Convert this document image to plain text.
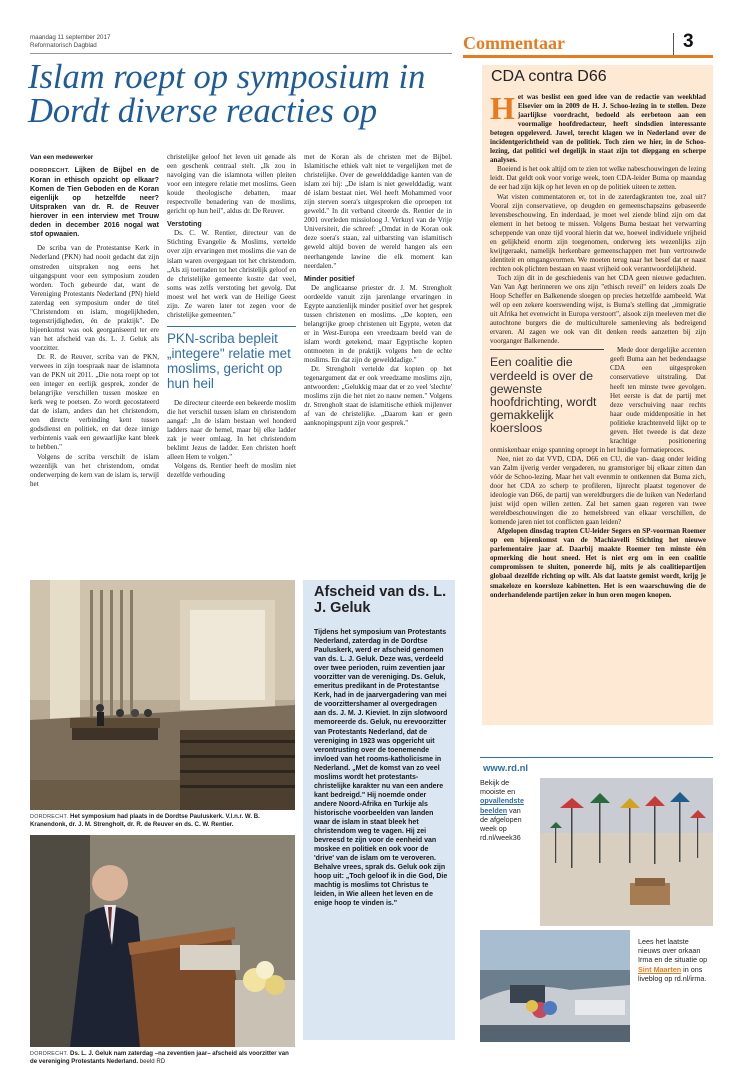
maandag 11 september 2017
Reformatorisch Dagblad	Commentaar	3
Islam roept op symposium in Dordt diverse reacties op

Van een medewerker

DORDRECHT. Lijken de Bijbel en de Koran in ethisch opzicht op elkaar? Komen de Tien Geboden en de Koran eigenlijk op hetzelfde neer? Uitspraken van dr. R. de Reuver hierover in een interview met Trouw deden in december 2016 nogal wat stof opwaaien.

De scriba van de Protestantse Kerk in Nederland (PKN) had nooit gedacht dat zijn omstreden uitspraken nog eens het uitgangspunt voor een symposium zouden worden. Toch gebeurde dat, want de Vereniging Protestants Nederland (PN) hield zaterdag een symposium onder de titel "Christendom en islam, mogelijkheden, tegenstrijdigheden, én de praktijk". De bijeenkomst was ook georganiseerd ter ere van het afscheid van ds. L. J. Geluk als voorzitter.

Dr. R. de Reuver, scriba van de PKN, verwees in zijn toespraak naar de islamnota van de PKN uit 2011. „Die nota roept op tot een integer en eerlijk gesprek, zonder de belangrijke verschillen tussen moskee en kerk weg te poetsen. Zo wordt gecostateerd dat de islam, anders dan het christendom, een directe verbinding kent tussen godsdienst en politiek, en dat deze innige verbintenis vaak een gewaarlijke kant bleek te hebben."

Volgens de scriba verschilt de islam wezenlijk van het christendom, omdat onderwerping de kern van de islam is, terwijl het

christelijke geloof het leven uit genade als een geschenk centraal stelt. „Ik zou in navolging van die islamnota willen pleiten voor een integere relatie met moslims. Geen koude theologische debatten, maar respectvolle benadering van de moslims, gericht op hun heil", aldus dr. De Reuver.

Verstoting

Ds. C. W. Rentier, directeur van de Stichting Evangelie & Moslims, vertelde over zijn ervaringen met moslims die van de islam waren overgegaan tot het christendom. „Als zij toetraden tot het christelijk geloof en de christelijke gemeente kostte dat veel, soms was zelfs verstoting het gevolg. Dat moest wel het werk van de Heilige Geest zijn. Ze waren later tot zegen voor de christelijke gemeenten."

PKN-scriba bepleit „integere" relatie met moslims, gericht op hun heil

De directeur citeerde een bekeerde moslim die het verschil tussen islam en christendom aangaf: „In de islam bestaan wel honderd ladders naar de hemel, maar bij elke ladder zak je weer omlaag. In het christendom beklimt Jezus de ladder. Een christen hoeft alleen Hem te volgen."

Volgens ds. Rentier heeft de moslim niet dezelfde verhouding

met de Koran als de christen met de Bijbel. Islamitische ethiek valt niet te vergelijken met de christelijke. Over de geweldddadige kanten van de islam zei hij: „De islam is niet gewelddadig, want dé islam bestaat niet. Wel heeft Mohammed voor zijn sterven soera's uitgesproken die oproepen tot geweld." In dit verband citeerde ds. Rentier de in 2001 overleden missioloog J. Verkuyl van de Vrije Universiteit, die schreef: „Omdat in de Koran ook deze soera's staan, zal uitbarsting van islamitisch geweld altijd boven de wereld hangen als een neerhangende lawine die elk moment kan neerdalen."

Minder positief

De anglicaanse priester dr. J. M. Strengholt oordeelde vanuit zijn jarenlange ervaringen in Egypte aanzienlijk minder positief over het gesprek tussen christenen en moslims. „De kopten, een belangrijke groep christenen uit Egypte, weten dat er in West-Europa een vreedzaam beeld van de islam wordt getekend, maar Egyptische kopten ontmoeten in de praktijk volgens hen de echte moslims. En dat zijn de gewelddadige."

Dr. Strengholt vertelde dat kopten op het tegenargument dat er ook vreedzame moslims zijn, antwoorden: „Gelukkig maar dat er zo veel 'slechte' moslims zijn die het niet zo nauw nemen." Volgens dr. Strengholt staat de islamitische ethiek mijlenver af van de christelijke. „Daarom kan er geen aanknopingspunt zijn voor gesprek."

DORDRECHT. Het symposium had plaats in de Dordtse Pauluskerk. V.l.n.r. W. B. Kranendonk, dr. J. M. Strengholt, dr. R. de Reuver en ds. C. W. Rentier.
DORDRECHT. Ds. L. J. Geluk nam zaterdag –na zeventien jaar– afscheid als voorzitter van de vereniging Protestants Nederland. beeld RD
Afscheid van ds. L. J. Geluk
Tijdens het symposium van Protestants Nederland, zaterdag in de Dordtse Pauluskerk, werd er afscheid genomen van ds. L. J. Geluk. Deze was, verdeeld over twee perioden, ruim zeventien jaar voorzitter van de vereniging. Ds. Geluk, emeritus predikant in de Protestantse Kerk, had in de jaarvergadering van mei de voorzittershamer al overgedragen aan ds. J. M. J. Kieviet. In zijn slotwoord memoreerde ds. Geluk, nu erevoorzitter van Protestants Nederland, dat de vereniging in 1923 was opgericht uit verontrusting over de toenemende invloed van het rooms-katholicisme in Nederland. „Met de komst van zo veel moslims wordt het protestants-christelijke karakter nu van een andere kant bedreigd." Hij noemde onder andere Noord-Afrika en Turkije als historische voorbeelden van landen waar de islam in staat bleek het christendom weg te vagen. Hij zei bevreesd te zijn voor de eenheid van moskee en politiek en ook voor de 'drive' van de islam om te veroveren. Behalve vrees, sprak ds. Geluk ook zijn hoop uit: „Toch geloof ik in die God, Die machtig is moslims tot Christus te leiden, in Wie alleen het leven en de enige hoop te vinden is."
CDA contra D66

Het was beslist een goed idee van de redactie van weekblad Elsevier om in 2009 de H. J. Schoo-lezing in te stellen. Deze jaarlijkse voordracht, bedoeld als eerbetoon aan een voormalige hoofdredacteur, heeft sindsdien interessante betogen opgeleverd. Jawel, terecht klagen we in Nederland over de incidentgerichtheid van de politiek. Toch zien we hier, in de Schoo-lezing, dat politici wel degelijk in staat zijn tot diepgang en scherpe analyses.

Boeiend is het ook altijd om te zien tot welke nabeschouwingen de lezing leidt. Dat geldt ook voor vorige week, toen CDA-leider Buma op maandag de eer had zijn kijk op het leven en op de politiek uiteen te zetten.

Wat visten commentatoren er, tot in de zaterdagkranten toe, zoal uit? Vooral zijn conservatieve, op deugden en gemeenschapszins gebaseerde levensbeschouwing. En inderdaad, je moet wel ziende blind zijn om dat element in het betoog te missen. Volgens Buma bestaat het verwarring scheppende van onze tijd vooral hierin dat we, hoewel individuele vrijheid en gelijkheid enorm zijn toegenomen, onderweg iets wezenlijks zijn kwijtgeraakt, namelijk herkenbare gemeenschappen met hun vertrouwde identiteit en omgangsvormen. We moeten terug naar het besef dat er naast rechten ook plichten bestaan en naast vrijheid ook verantwoordelijkheid.

Toch zijn dit in de geschiedenis van het CDA geen nieuwe gedachten. Van Van Agt herinneren we ons zijn "ethisch reveil" en leiders zoals De Hoop Scheffer en Balkenende sloegen op precies hetzelfde aambeeld. Wat wél op een zekere koerswending wijst, is Buma's stelling dat „immigratie uit Afrika het evenwicht in Europa verstoort", alsook zijn meeleven met die autochtone burgers die de multiculturele samenleving als bedreigend ervaren. Al zagen we ook van dit denken reeds aanzetten bij zijn voorganger Balkenende.

Een coalitie die verdeeld is over de gewenste hoofdrichting, wordt gemakkelijk koersloos

Mede door dergelijke accenten geeft Buma aan het bedendaagse CDA een uitgesproken conservatieve uitstraling. Dat heeft ten minste twee gevolgen. Het eerste is dat de partij met deze verschuiving naar rechts haar oude middenpositie in het politieke krachtenveld lijkt op te geven. Het tweede is dat deze krachtige positionering onmiskenbaar enige spanning oproept in het huidige formatieproces.

Nee, niet zo dat VVD, CDA, D66 en CU, die van- daag onder leiding van Zalm ijverig verder vergaderen, nu gramstoriger bij elkaar zitten dan vóór de Schoo-lezing. Maar het valt evenmin te ontkennen dat Buma zich, door het CDA zo scherp te profileren, lijnrecht plaatst tegenover de ideologie van D66, de partij van wereldburgers die de luiken van Nederland juist wijd open willen zetten. Zal het samen gaan regeren van twee wereldbeschouwingen die zo hemelsbreed van elkaar verschillen, de komende jaren niet tot conflicten gaan leiden?

Afgelopen dinsdag trapten CU-leider Segers en SP-voorman Roemer op een bijeenkomst van de Machiavelli Stichting het nieuwe parlementaire jaar af. Daarbij maakte Roemer ten minste één opmerking die hout sneed. Het is niet erg om in een coalitie compromissen te sluiten, poneerde hij, mits je als coalitiepartijen globaal dezelfde richting op wilt. Als dat laatste gemist wordt, krijg je smakeloze en koersloze kabinetten. Het is een waarschuwing die de onderhandelende partijen zeker in hun oren mogen knopen.

www.rd.nl
Bekijk de mooiste en opvallendste beelden van de afgelopen week op rd.nl/week36
Lees het laatste nieuws over orkaan Irma en de situatie op Sint Maarten in ons liveblog op rd.nl/irma.
